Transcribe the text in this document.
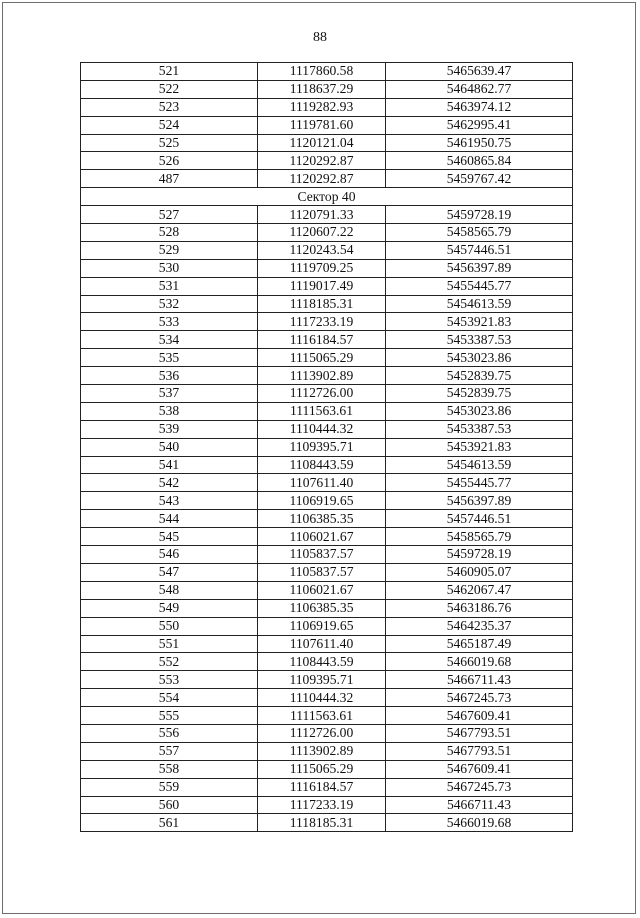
88
521	1117860.58	5465639.47
522	1118637.29	5464862.77
523	1119282.93	5463974.12
524	1119781.60	5462995.41
525	1120121.04	5461950.75
526	1120292.87	5460865.84
487	1120292.87	5459767.42
Сектор 40		
527	1120791.33	5459728.19
528	1120607.22	5458565.79
529	1120243.54	5457446.51
530	1119709.25	5456397.89
531	1119017.49	5455445.77
532	1118185.31	5454613.59
533	1117233.19	5453921.83
534	1116184.57	5453387.53
535	1115065.29	5453023.86
536	1113902.89	5452839.75
537	1112726.00	5452839.75
538	1111563.61	5453023.86
539	1110444.32	5453387.53
540	1109395.71	5453921.83
541	1108443.59	5454613.59
542	1107611.40	5455445.77
543	1106919.65	5456397.89
544	1106385.35	5457446.51
545	1106021.67	5458565.79
546	1105837.57	5459728.19
547	1105837.57	5460905.07
548	1106021.67	5462067.47
549	1106385.35	5463186.76
550	1106919.65	5464235.37
551	1107611.40	5465187.49
552	1108443.59	5466019.68
553	1109395.71	5466711.43
554	1110444.32	5467245.73
555	1111563.61	5467609.41
556	1112726.00	5467793.51
557	1113902.89	5467793.51
558	1115065.29	5467609.41
559	1116184.57	5467245.73
560	1117233.19	5466711.43
561	1118185.31	5466019.68
